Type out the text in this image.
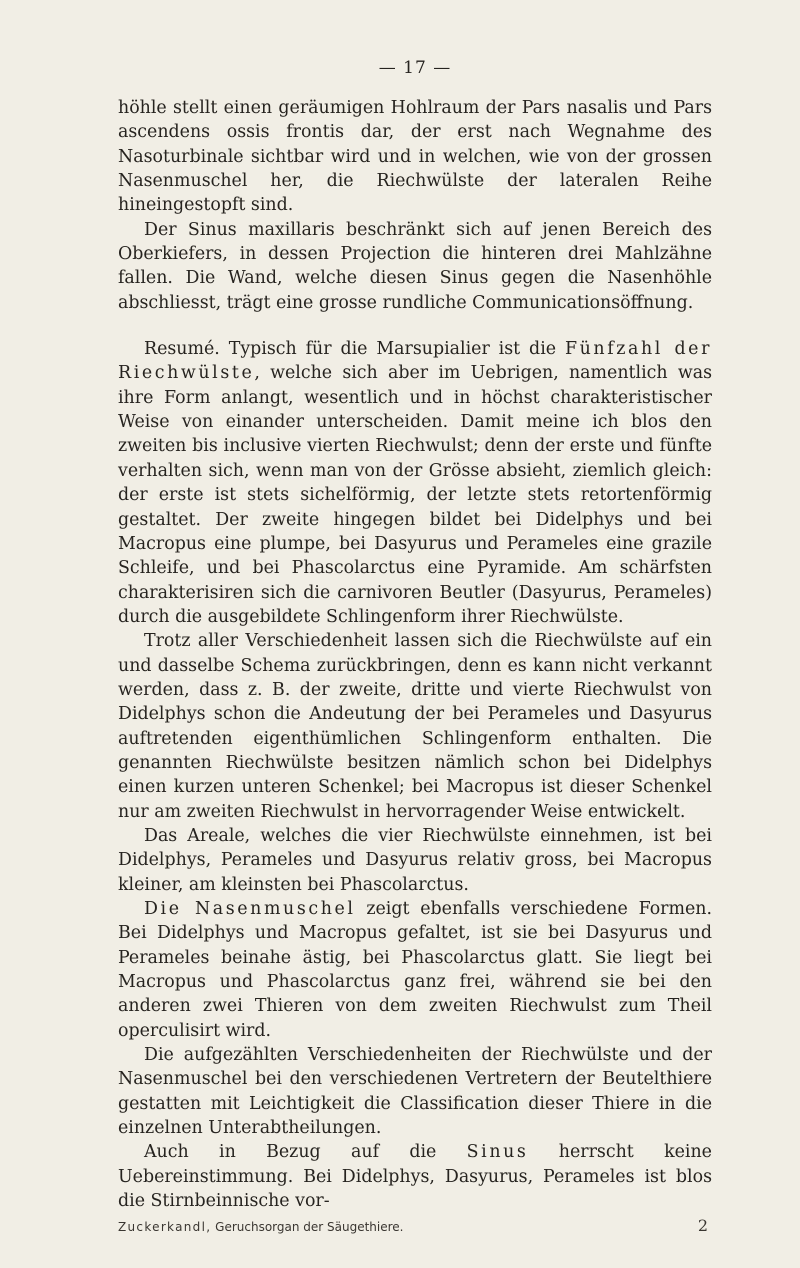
— 17 —

höhle stellt einen geräumigen Hohlraum der Pars nasalis und Pars ascendens ossis frontis dar, der erst nach Wegnahme des Nasoturbinale sichtbar wird und in welchen, wie von der grossen Nasenmuschel her, die Riechwülste der lateralen Reihe hineingestopft sind.

Der Sinus maxillaris beschränkt sich auf jenen Bereich des Oberkiefers, in dessen Projection die hinteren drei Mahlzähne fallen. Die Wand, welche diesen Sinus gegen die Nasenhöhle abschliesst, trägt eine grosse rundliche Communicationsöffnung.

Resumé. Typisch für die Marsupialier ist die Fünfzahl der Riechwülste, welche sich aber im Uebrigen, namentlich was ihre Form anlangt, wesentlich und in höchst charakteristischer Weise von einander unterscheiden. Damit meine ich blos den zweiten bis inclusive vierten Riechwulst; denn der erste und fünfte verhalten sich, wenn man von der Grösse absieht, ziemlich gleich: der erste ist stets sichelförmig, der letzte stets retortenförmig gestaltet. Der zweite hingegen bildet bei Didelphys und bei Macropus eine plumpe, bei Dasyurus und Perameles eine grazile Schleife, und bei Phascolarctus eine Pyramide. Am schärfsten charakterisiren sich die carnivoren Beutler (Dasyurus, Perameles) durch die ausgebildete Schlingenform ihrer Riechwülste.

Trotz aller Verschiedenheit lassen sich die Riechwülste auf ein und dasselbe Schema zurückbringen, denn es kann nicht verkannt werden, dass z. B. der zweite, dritte und vierte Riechwulst von Didelphys schon die Andeutung der bei Perameles und Dasyurus auftretenden eigenthümlichen Schlingenform enthalten. Die genannten Riechwülste besitzen nämlich schon bei Didelphys einen kurzen unteren Schenkel; bei Macropus ist dieser Schenkel nur am zweiten Riechwulst in hervorragender Weise entwickelt.

Das Areale, welches die vier Riechwülste einnehmen, ist bei Didelphys, Perameles und Dasyurus relativ gross, bei Macropus kleiner, am kleinsten bei Phascolarctus.

Die Nasenmuschel zeigt ebenfalls verschiedene Formen. Bei Didelphys und Macropus gefaltet, ist sie bei Dasyurus und Perameles beinahe ästig, bei Phascolarctus glatt. Sie liegt bei Macropus und Phascolarctus ganz frei, während sie bei den anderen zwei Thieren von dem zweiten Riechwulst zum Theil operculisirt wird.

Die aufgezählten Verschiedenheiten der Riechwülste und der Nasenmuschel bei den verschiedenen Vertretern der Beutelthiere gestatten mit Leichtigkeit die Classification dieser Thiere in die einzelnen Unterabtheilungen.

Auch in Bezug auf die Sinus herrscht keine Uebereinstimmung. Bei Didelphys, Dasyurus, Perameles ist blos die Stirnbeinnische vor-

Zuckerkandl, Geruchsorgan der Säugethiere.	2
